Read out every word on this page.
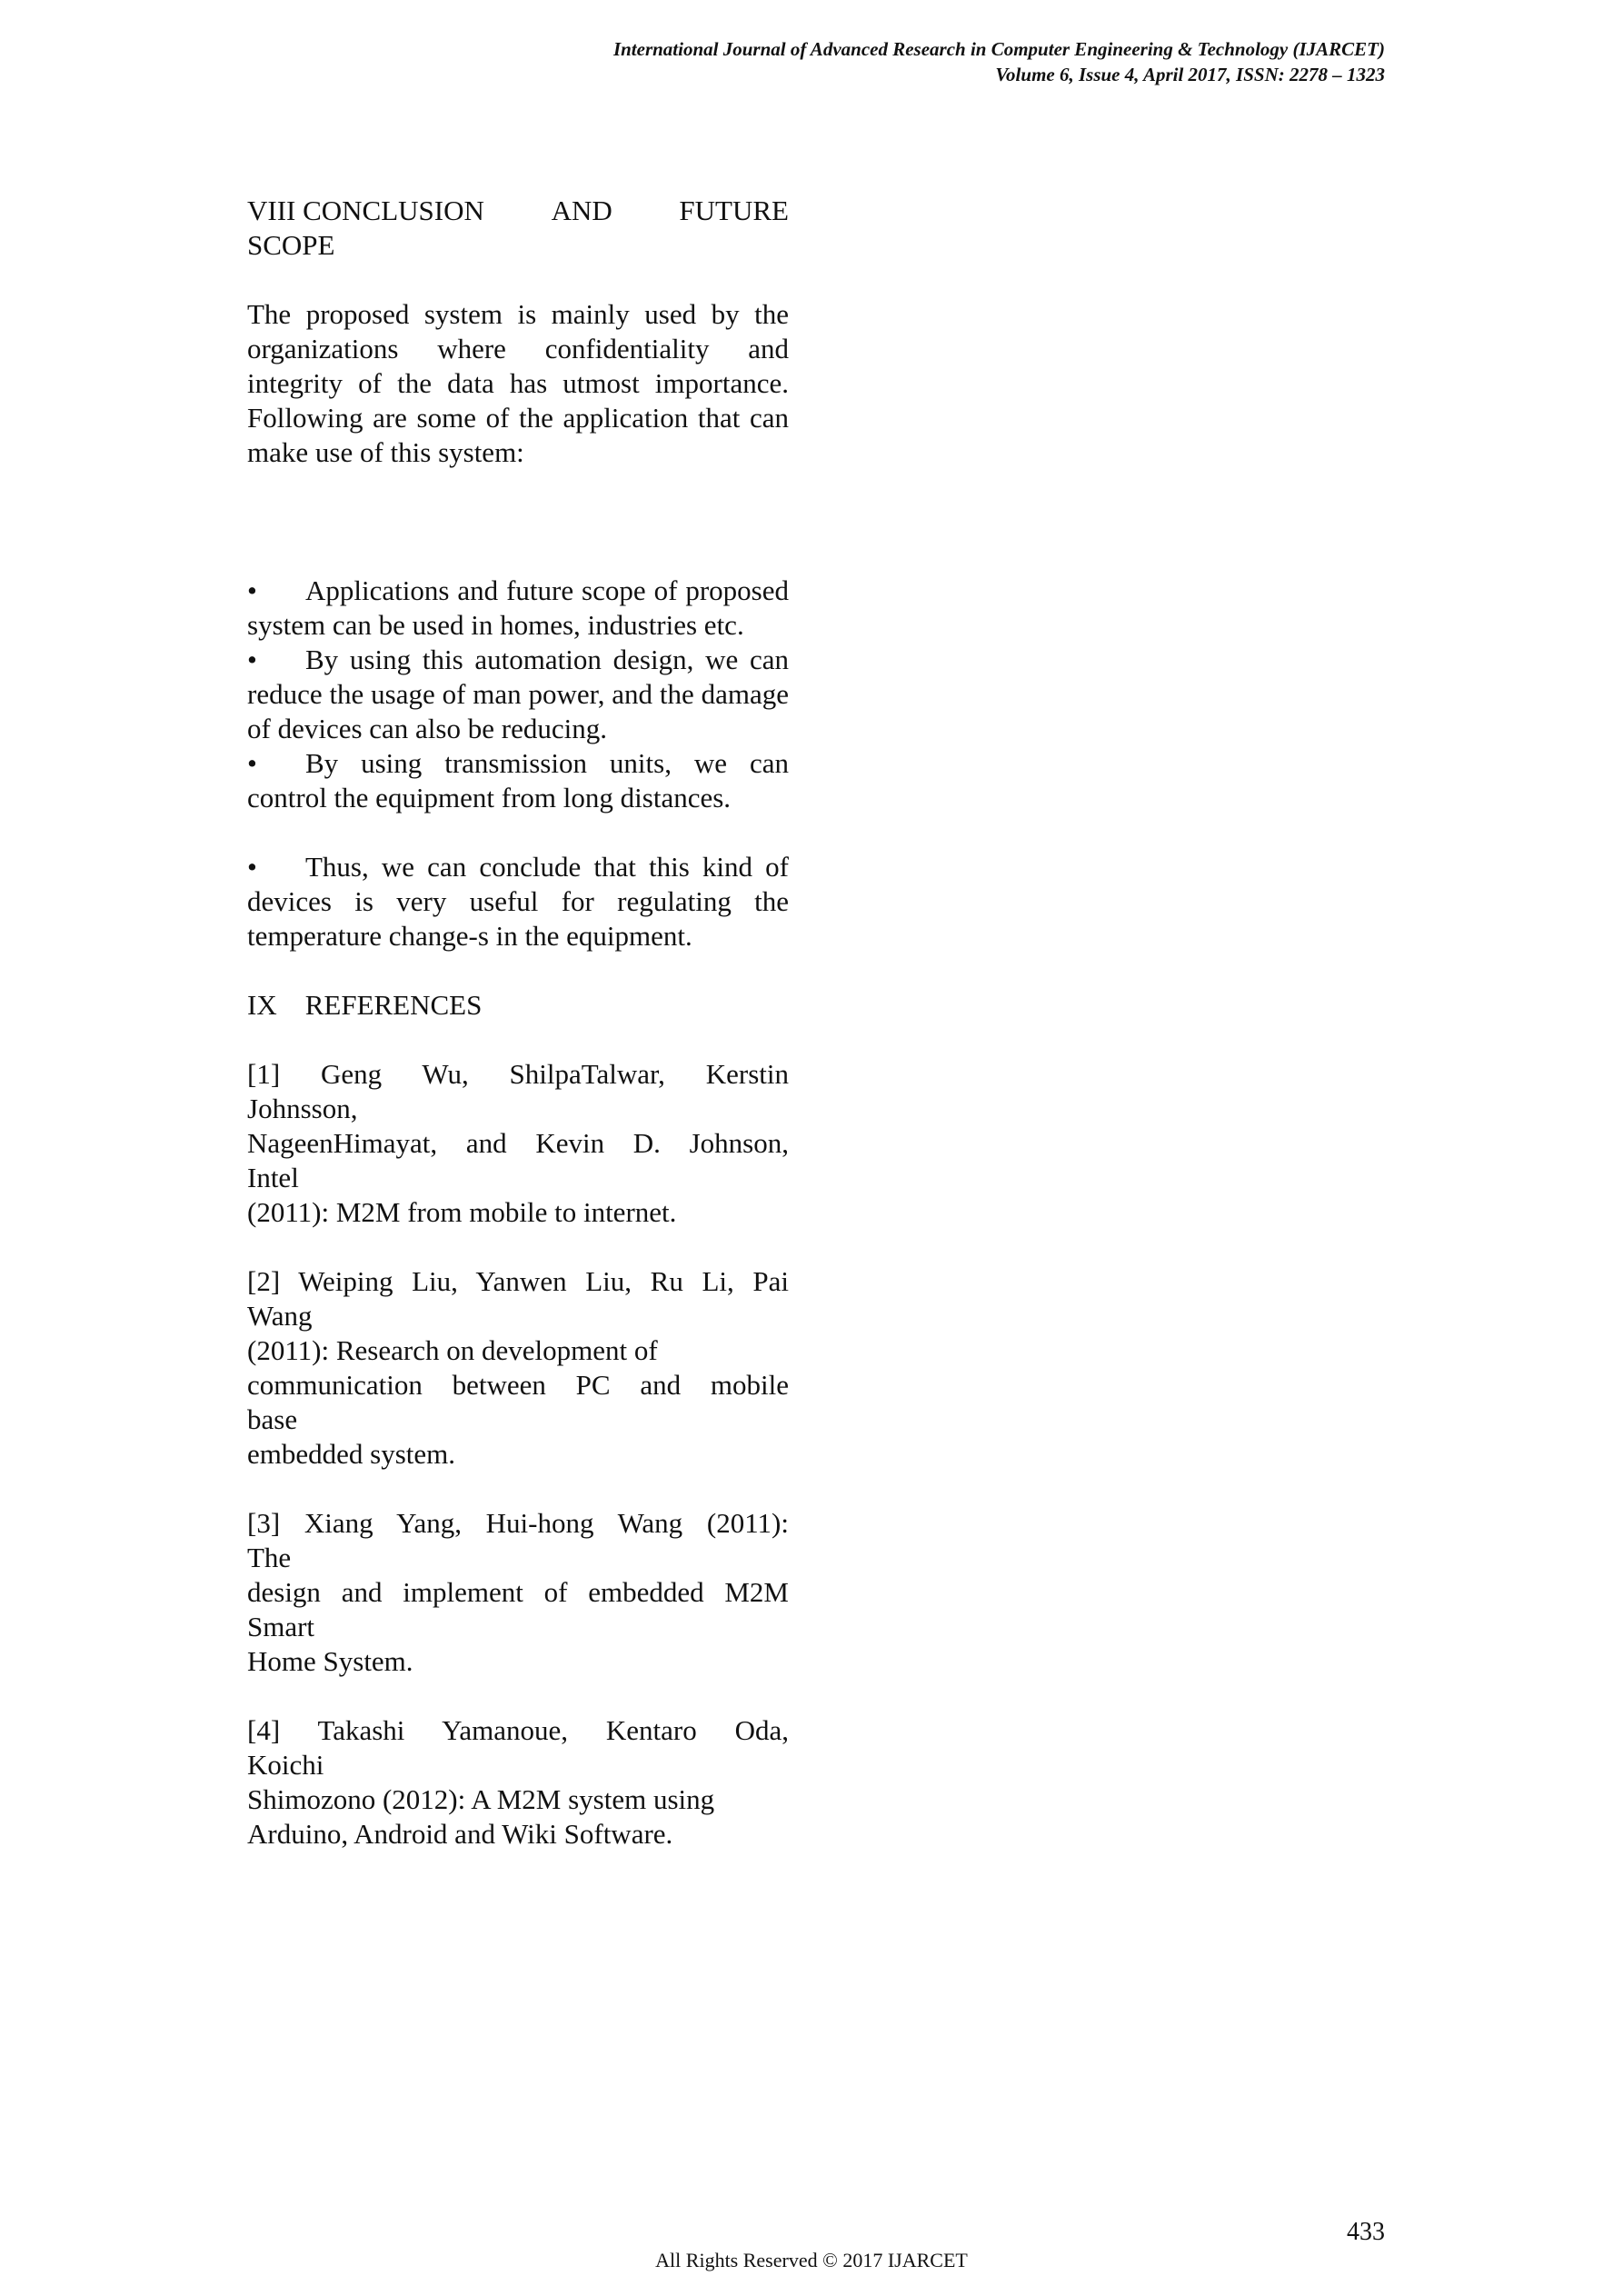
International Journal of Advanced Research in Computer Engineering & Technology (IJARCET)
Volume 6, Issue 4, April 2017, ISSN: 2278 – 1323
VIII CONCLUSION AND FUTURE
SCOPE

The proposed system is mainly used by the organizations where confidentiality and integrity of the data has utmost importance. Following are some of the application that can make use of this system:

• Applications and future scope of proposed system can be used in homes, industries etc.
• By using this automation design, we can reduce the usage of man power, and the damage of devices can also be reducing.
• By using transmission units, we can control the equipment from long distances.
• Thus, we can conclude that this kind of devices is very useful for regulating the temperature change-s in the equipment.
IX    REFERENCES
[1] Geng Wu, ShilpaTalwar, Kerstin
Johnsson,
NageenHimayat, and Kevin D. Johnson,
Intel
(2011): M2M from mobile to internet.
[2] Weiping Liu, Yanwen Liu, Ru Li, Pai
Wang
(2011): Research on development of
communication between PC and mobile
base
embedded system.
[3] Xiang Yang, Hui-hong Wang (2011):
The
design and implement of embedded M2M
Smart
Home System.
[4] Takashi Yamanoue, Kentaro Oda,
Koichi
Shimozono (2012): A M2M system using
Arduino, Android and Wiki Software.
433
All Rights Reserved © 2017 IJARCET
